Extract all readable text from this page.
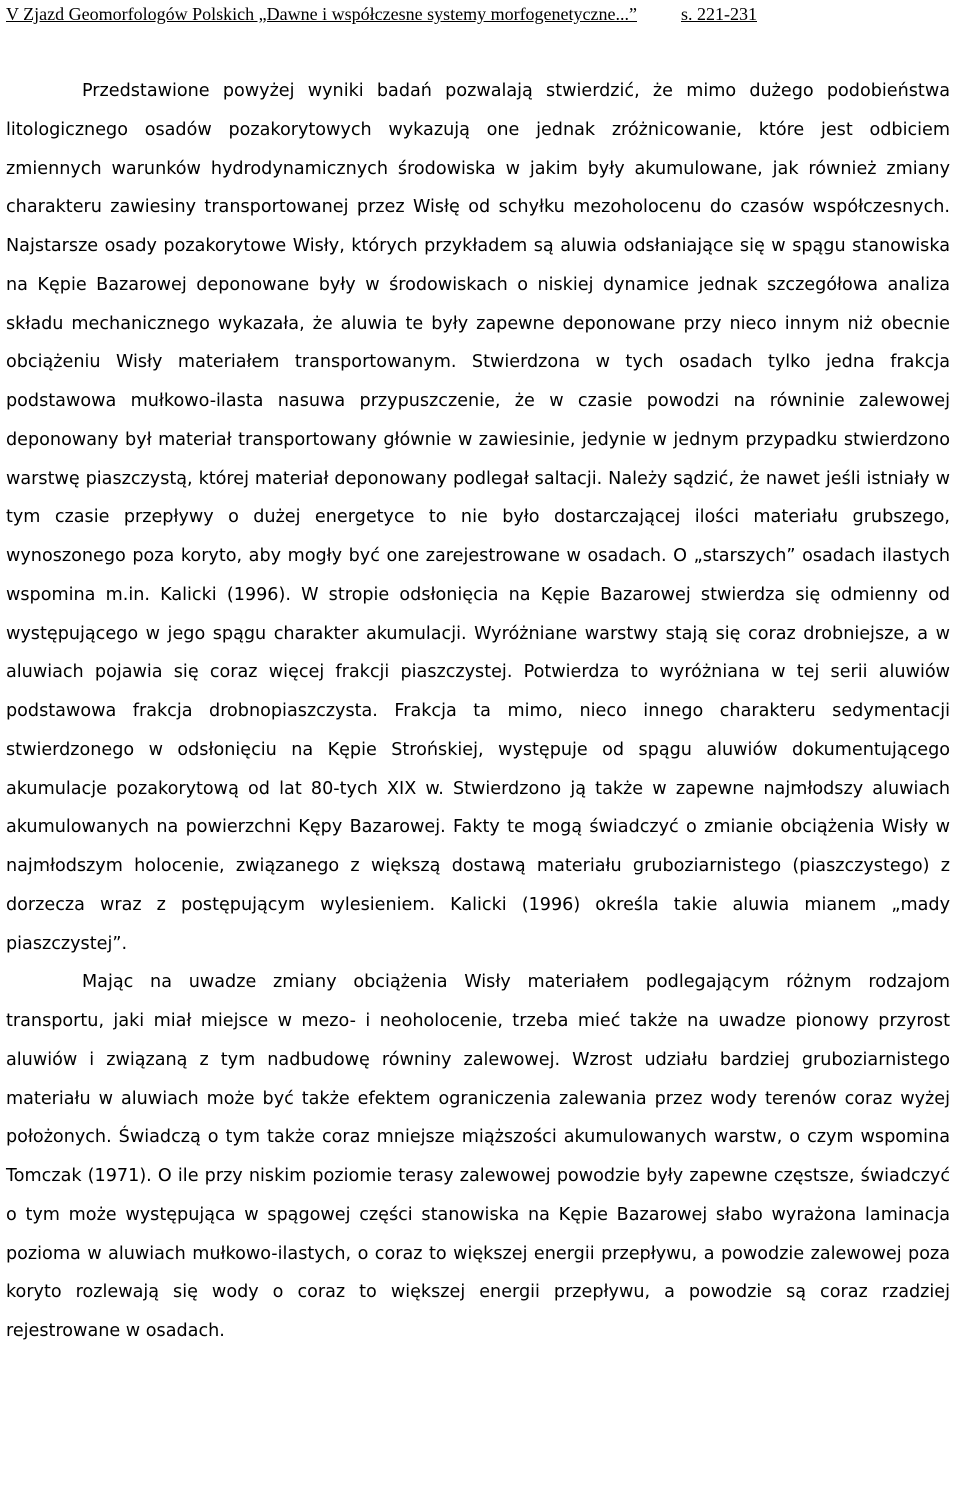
V Zjazd Geomorfologów Polskich „Dawne i współczesne systemy morfogenetyczne...” s. 221-231

Przedstawione powyżej wyniki badań pozwalają stwierdzić, że mimo dużego podobieństwa litologicznego osadów pozakorytowych wykazują one jednak zróżnicowanie, które jest odbiciem zmiennych warunków hydrodynamicznych środowiska w jakim były akumulowane, jak również zmiany charakteru zawiesiny transportowanej przez Wisłę od schyłku mezoholocenu do czasów współczesnych. Najstarsze osady pozakorytowe Wisły, których przykładem są aluwia odsłaniające się w spągu stanowiska na Kępie Bazarowej deponowane były w środowiskach o niskiej dynamice jednak szczegółowa analiza składu mechanicznego wykazała, że aluwia te były zapewne deponowane przy nieco innym niż obecnie obciążeniu Wisły materiałem transportowanym. Stwierdzona w tych osadach tylko jedna frakcja podstawowa mułkowo-ilasta nasuwa przypuszczenie, że w czasie powodzi na równinie zalewowej deponowany był materiał transportowany głównie w zawiesinie, jedynie w jednym przypadku stwierdzono warstwę piaszczystą, której materiał deponowany podlegał saltacji. Należy sądzić, że nawet jeśli istniały w tym czasie przepływy o dużej energetyce to nie było dostarczającej ilości materiału grubszego, wynoszonego poza koryto, aby mogły być one zarejestrowane w osadach. O „starszych” osadach ilastych wspomina m.in. Kalicki (1996). W stropie odsłonięcia na Kępie Bazarowej stwierdza się odmienny od występującego w jego spągu charakter akumulacji. Wyróżniane warstwy stają się coraz drobniejsze, a w aluwiach pojawia się coraz więcej frakcji piaszczystej. Potwierdza to wyróżniana w tej serii aluwiów podstawowa frakcja drobnopiaszczysta. Frakcja ta mimo, nieco innego charakteru sedymentacji stwierdzonego w odsłonięciu na Kępie Strońskiej, występuje od spągu aluwiów dokumentującego akumulacje pozakorytową od lat 80-tych XIX w. Stwierdzono ją także w zapewne najmłodszy aluwiach akumulowanych na powierzchni Kępy Bazarowej. Fakty te mogą świadczyć o zmianie obciążenia Wisły w najmłodszym holocenie, związanego z większą dostawą materiału gruboziarnistego (piaszczystego) z dorzecza wraz z postępującym wylesieniem. Kalicki (1996) określa takie aluwia mianem „mady piaszczystej”.

Mając na uwadze zmiany obciążenia Wisły materiałem podlegającym różnym rodzajom transportu, jaki miał miejsce w mezo- i neoholocenie, trzeba mieć także na uwadze pionowy przyrost aluwiów i związaną z tym nadbudowę równiny zalewowej. Wzrost udziału bardziej gruboziarnistego materiału w aluwiach może być także efektem ograniczenia zalewania przez wody terenów coraz wyżej położonych. Świadczą o tym także coraz mniejsze miąższości akumulowanych warstw, o czym wspomina Tomczak (1971). O ile przy niskim poziomie terasy zalewowej powodzie były zapewne częstsze, świadczyć o tym może występująca w spągowej części stanowiska na Kępie Bazarowej słabo wyrażona laminacja pozioma w aluwiach mułkowo-ilastych, o coraz to większej energii przepływu, a powodzie zalewowej poza koryto rozlewają się wody o coraz to większej energii przepływu, a powodzie są coraz rzadziej rejestrowane w osadach.
